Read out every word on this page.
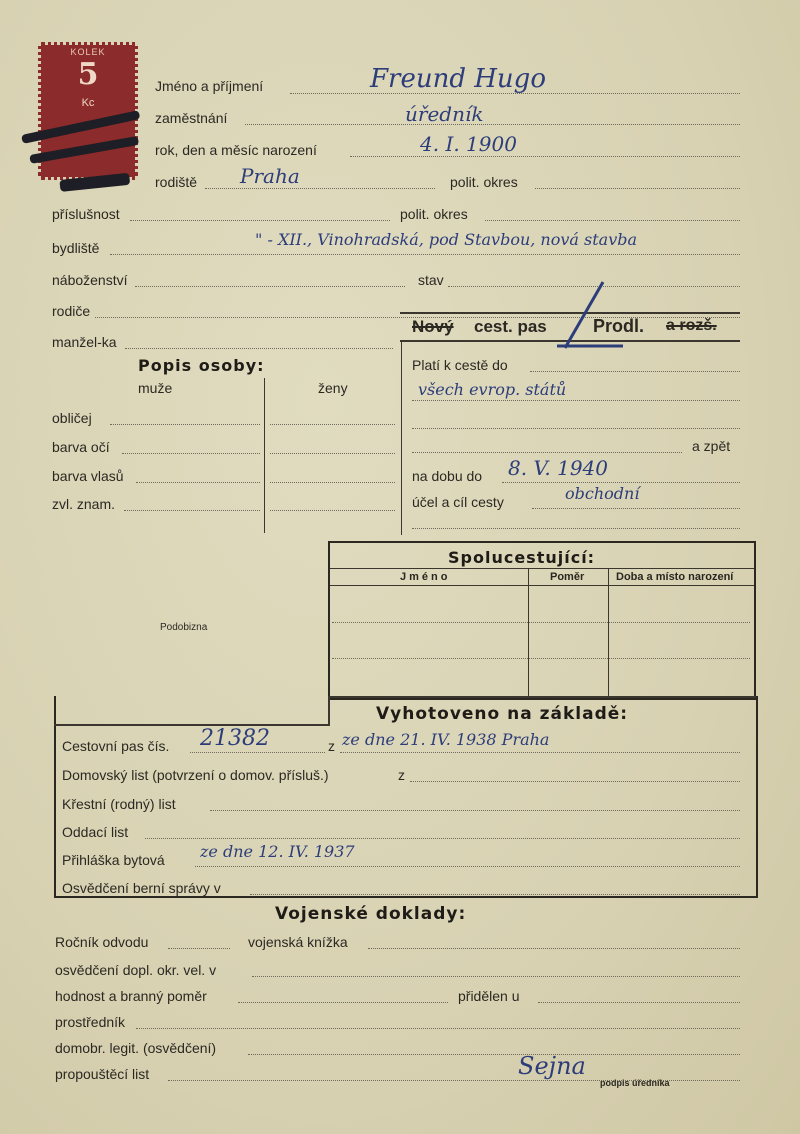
KOLEK
5
Kc
Jméno a příjmení	Freund Hugo
zaměstnání	úředník
rok, den a měsíc narození	4. I. 1900
rodiště Praha	polit. okres
příslušnost	polit. okres
bydliště	" - XII., Vinohradská, pod Stavbou, nová stavba
náboženství	stav
rodiče
manžel-ka
Nový cest. pas	Prodl. a rozš.
Platí k cestě do
všech evrop. států
a zpět
na dobu do 8. V. 1940
účel a cíl cesty	obchodní
Popis osoby:
muže	ženy
obličej
barva očí
barva vlasů
zvl. znam.
Podobizna
Spolucestující:
Jméno	Poměr	Doba a místo narození
Vyhotoveno na základě:
Cestovní pas čís. 21382	z ze dne 21. IV. 1938 Praha
Domovský list (potvrzení o domov. přísluš.)	z
Křestní (rodný) list
Oddací list
Přihláška bytová ze dne 12. IV. 1937
Osvědčení berní správy v
Vojenské doklady:
Ročník odvodu	vojenská knížka
osvědčení dopl. okr. vel. v
hodnost a branný poměr	přidělen u
prostředník
domobr. legit. (osvědčení)
propouštěcí list	Sejna
podpis úředníka
